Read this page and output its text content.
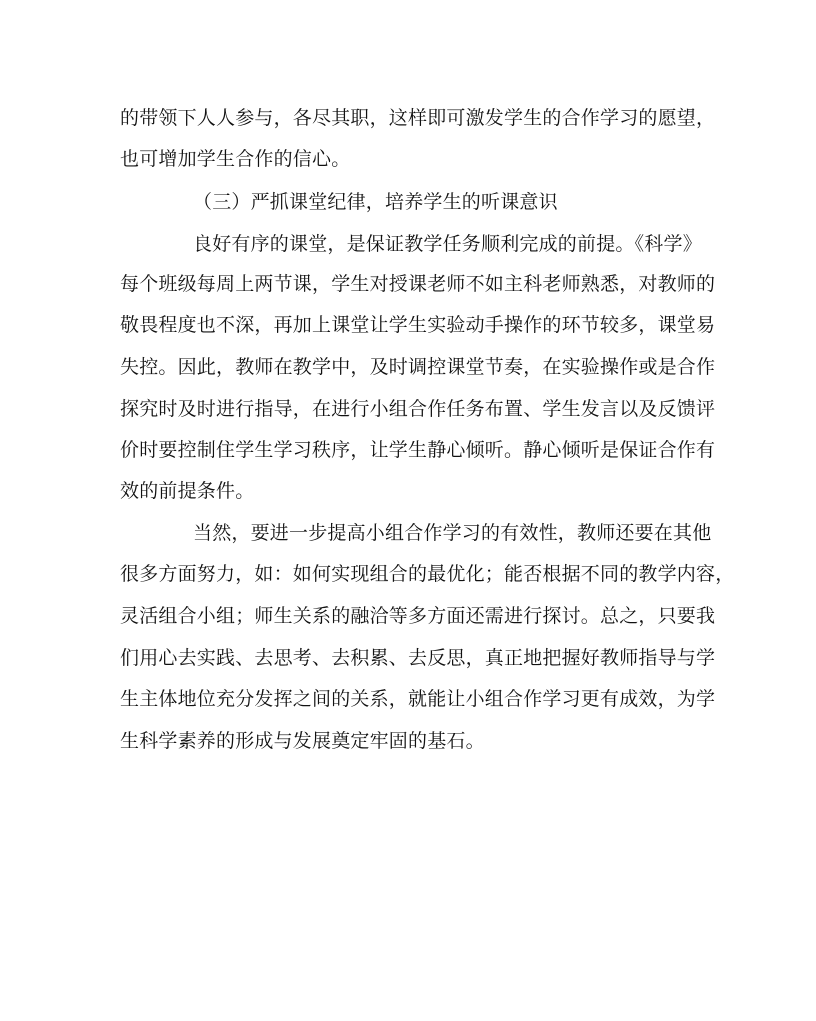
的带领下人人参与，各尽其职，这样即可激发学生的合作学习的愿望，
也可增加学生合作的信心。
（三）严抓课堂纪律，培养学生的听课意识
良好有序的课堂，是保证教学任务顺利完成的前提。《科学》
每个班级每周上两节课，学生对授课老师不如主科老师熟悉，对教师的
敬畏程度也不深，再加上课堂让学生实验动手操作的环节较多，课堂易
失控。因此，教师在教学中，及时调控课堂节奏，在实验操作或是合作
探究时及时进行指导，在进行小组合作任务布置、学生发言以及反馈评
价时要控制住学生学习秩序，让学生静心倾听。静心倾听是保证合作有
效的前提条件。
当然，要进一步提高小组合作学习的有效性，教师还要在其他
很多方面努力，如：如何实现组合的最优化；能否根据不同的教学内容，
灵活组合小组；师生关系的融洽等多方面还需进行探讨。总之，只要我
们用心去实践、去思考、去积累、去反思，真正地把握好教师指导与学
生主体地位充分发挥之间的关系，就能让小组合作学习更有成效，为学
生科学素养的形成与发展奠定牢固的基石。
